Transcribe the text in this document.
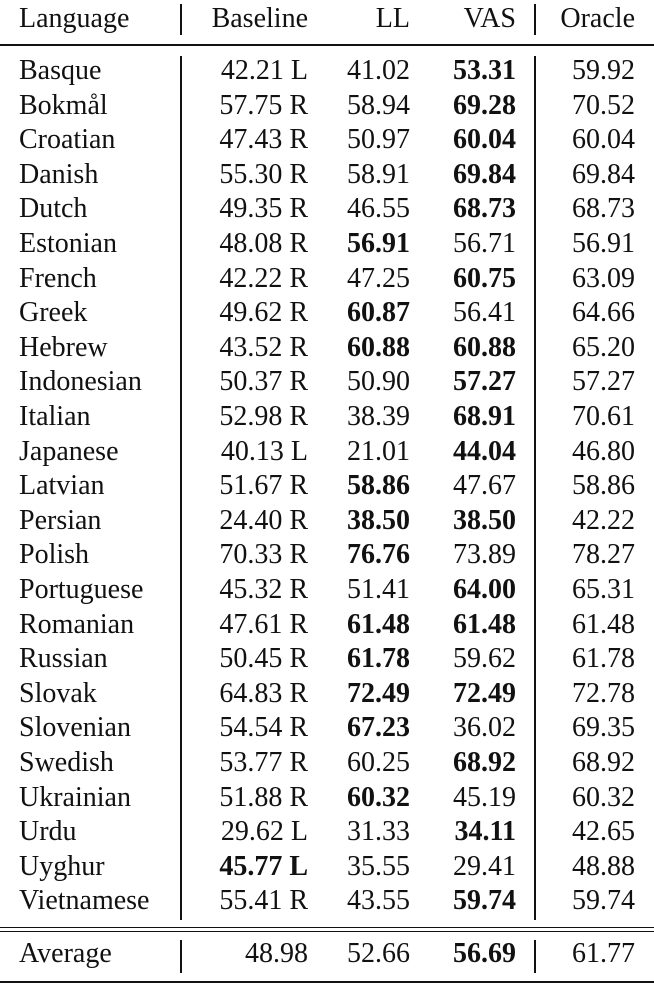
Language	Baseline LL VAS Oracle
Basque	42.21 L 41.02 53.31 59.92
Bokmål	57.75 R 58.94 69.28 70.52
Croatian	47.43 R 50.97 60.04 60.04
Danish	55.30 R 58.91 69.84 69.84
Dutch	49.35 R 46.55 68.73 68.73
Estonian	48.08 R 56.91 56.71 56.91
French	42.22 R 47.25 60.75 63.09
Greek	49.62 R 60.87 56.41 64.66
Hebrew	43.52 R 60.88 60.88 65.20
Indonesian	50.37 R 50.90 57.27 57.27
Italian	52.98 R 38.39 68.91 70.61
Japanese	40.13 L 21.01 44.04 46.80
Latvian	51.67 R 58.86 47.67 58.86
Persian	24.40 R 38.50 38.50 42.22
Polish	70.33 R 76.76 73.89 78.27
Portuguese	45.32 R 51.41 64.00 65.31
Romanian	47.61 R 61.48 61.48 61.48
Russian	50.45 R 61.78 59.62 61.78
Slovak	64.83 R 72.49 72.49 72.78
Slovenian	54.54 R 67.23 36.02 69.35
Swedish	53.77 R 60.25 68.92 68.92
Ukrainian	51.88 R 60.32 45.19 60.32
Urdu	29.62 L 31.33 34.11 42.65
Uyghur	45.77 L 35.55 29.41 48.88
Vietnamese 55.41 R 43.55 59.74 59.74
Average	48.98 52.66 56.69 61.77
